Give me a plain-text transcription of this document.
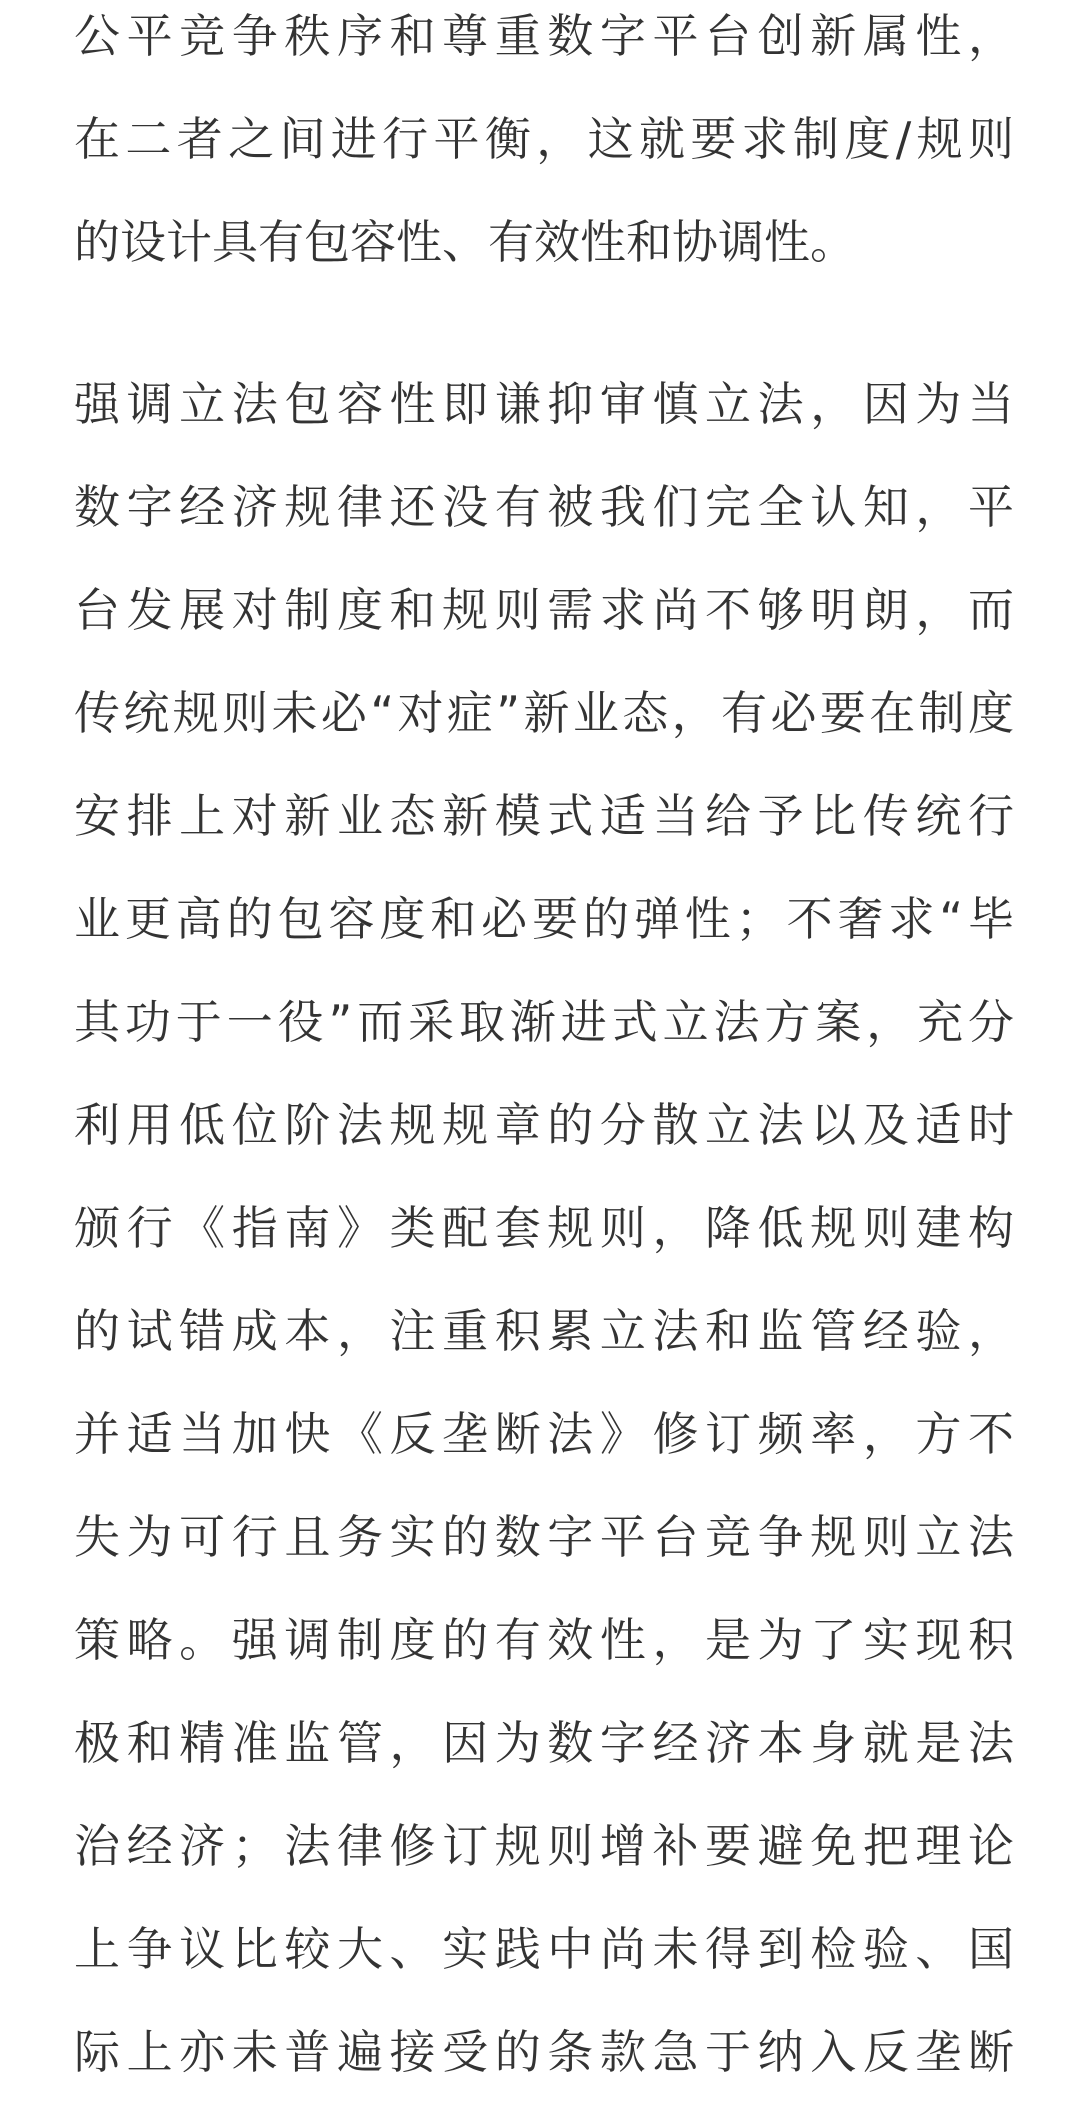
公平竞争秩序和尊重数字平台创新属性，
在二者之间进行平衡，这就要求制度/规则
的设计具有包容性、有效性和协调性。
强调立法包容性即谦抑审慎立法，因为当
数字经济规律还没有被我们完全认知，平
台发展对制度和规则需求尚不够明朗，而
传统规则未必“对症”新业态，有必要在制度
安排上对新业态新模式适当给予比传统行
业更高的包容度和必要的弹性；不奢求“毕
其功于一役”而采取渐进式立法方案，充分
利用低位阶法规规章的分散立法以及适时
颁行《指南》类配套规则，降低规则建构
的试错成本，注重积累立法和监管经验，
并适当加快《反垄断法》修订频率，方不
失为可行且务实的数字平台竞争规则立法
策略。强调制度的有效性，是为了实现积
极和精准监管，因为数字经济本身就是法
治经济；法律修订规则增补要避免把理论
上争议比较大、实践中尚未得到检验、国
际上亦未普遍接受的条款急于纳入反垄断
